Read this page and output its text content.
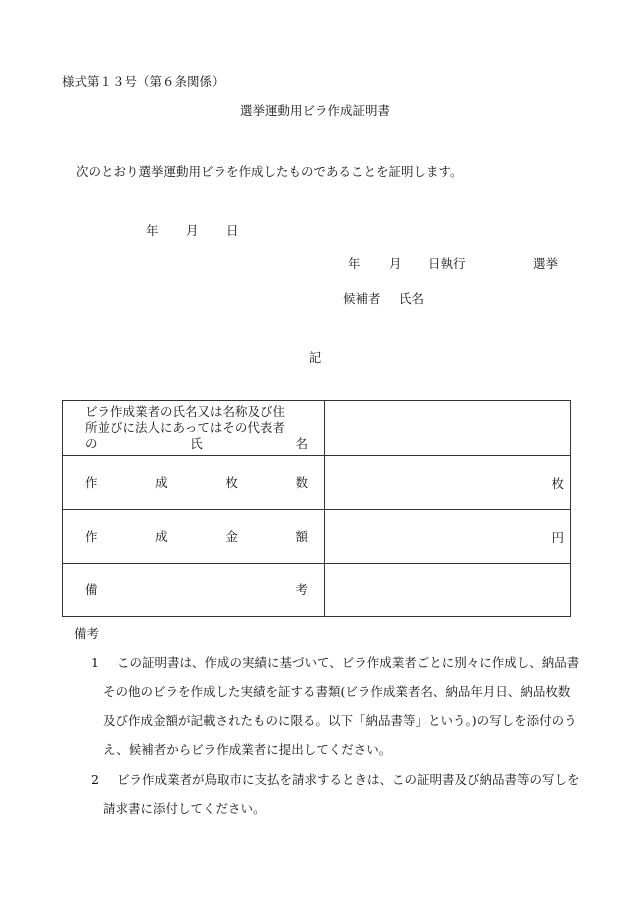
様式第１３号（第６条関係）
選挙運動用ビラ作成証明書
次のとおり選挙運動用ビラを作成したものであることを証明します。
年 月 日
年 月 日執行	選挙
候補者 氏名
記
ビラ作成業者の氏名又は名称及び住
所並びに法人にあってはその代表者
の 氏 名	

作 成 枚 数	枚

作 成 金 額	円

備 考	

備考
1	この証明書は、作成の実績に基づいて、ビラ作成業者ごとに別々に作成し、納品書その他のビラを作成した実績を証する書類(ビラ作成業者名、納品年月日、納品枚数及び作成金額が記載されたものに限る。以下「納品書等」という。)の写しを添付のうえ、候補者からビラ作成業者に提出してください。
2	ビラ作成業者が鳥取市に支払を請求するときは、この証明書及び納品書等の写しを請求書に添付してください。
